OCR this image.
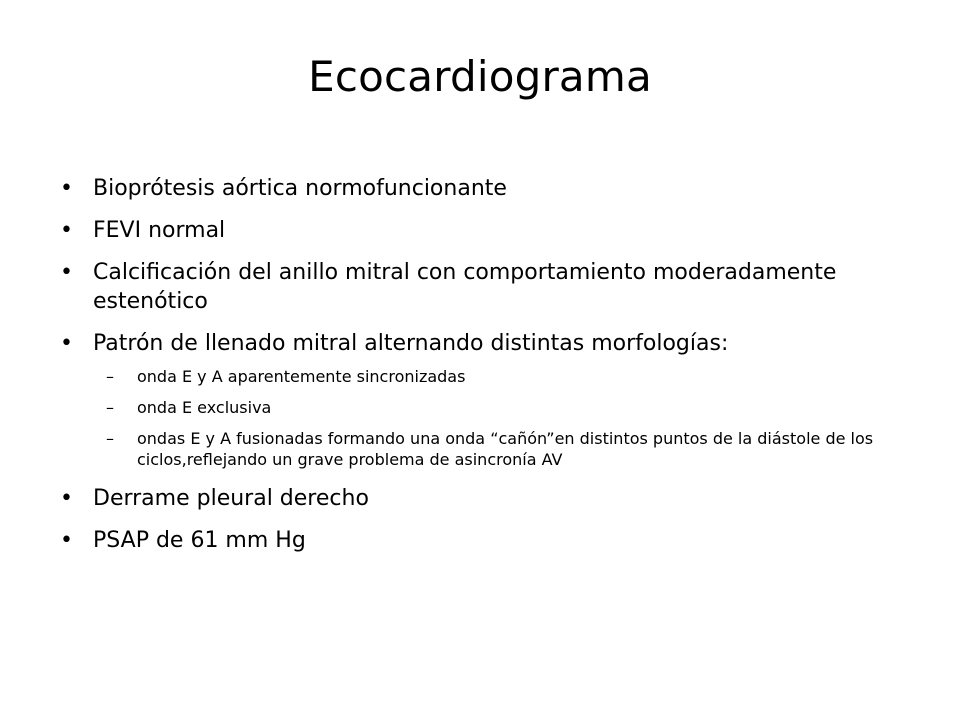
Ecocardiograma
• Bioprótesis aórtica normofuncionante
• FEVI normal
• Calcificación del anillo mitral con comportamiento moderadamente estenótico
• Patrón de llenado mitral alternando distintas morfologías:
– onda E y A aparentemente sincronizadas
– onda E exclusiva
– ondas E y A fusionadas formando una onda “cañón”en distintos puntos de la diástole de los ciclos,reflejando un grave problema de asincronía AV
• Derrame pleural derecho
• PSAP de 61 mm Hg
